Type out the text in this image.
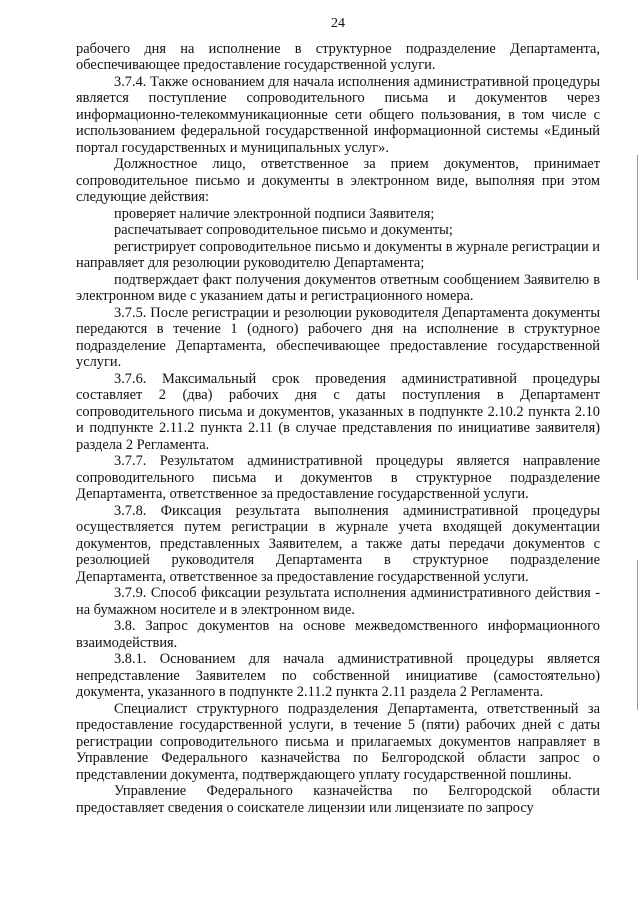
24

рабочего дня на исполнение в структурное подразделение Департамента, обеспечивающее предоставление государственной услуги.

3.7.4. Также основанием для начала исполнения административной процедуры является поступление сопроводительного письма и документов через информационно-телекоммуникационные сети общего пользования, в том числе с использованием федеральной государственной информационной системы «Единый портал государственных и муниципальных услуг».

Должностное лицо, ответственное за прием документов, принимает сопроводительное письмо и документы в электронном виде, выполняя при этом следующие действия:

проверяет наличие электронной подписи Заявителя;

распечатывает сопроводительное письмо и документы;

регистрирует сопроводительное письмо и документы в журнале регистрации и направляет для резолюции руководителю Департамента;

подтверждает факт получения документов ответным сообщением Заявителю в электронном виде с указанием даты и регистрационного номера.

3.7.5. После регистрации и резолюции руководителя Департамента документы передаются в течение 1 (одного) рабочего дня на исполнение в структурное подразделение Департамента, обеспечивающее предоставление государственной услуги.

3.7.6. Максимальный срок проведения административной процедуры составляет 2 (два) рабочих дня с даты поступления в Департамент сопроводительного письма и документов, указанных в подпункте 2.10.2 пункта 2.10 и подпункте 2.11.2 пункта 2.11 (в случае представления по инициативе заявителя) раздела 2 Регламента.

3.7.7. Результатом административной процедуры является направление сопроводительного письма и документов в структурное подразделение Департамента, ответственное за предоставление государственной услуги.

3.7.8. Фиксация результата выполнения административной процедуры осуществляется путем регистрации в журнале учета входящей документации документов, представленных Заявителем, а также даты передачи документов с резолюцией руководителя Департамента в структурное подразделение Департамента, ответственное за предоставление государственной услуги.

3.7.9. Способ фиксации результата исполнения административного действия - на бумажном носителе и в электронном виде.

3.8. Запрос документов на основе межведомственного информационного взаимодействия.

3.8.1. Основанием для начала административной процедуры является непредставление Заявителем по собственной инициативе (самостоятельно) документа, указанного в подпункте 2.11.2 пункта 2.11 раздела 2 Регламента.

Специалист структурного подразделения Департамента, ответственный за предоставление государственной услуги, в течение 5 (пяти) рабочих дней с даты регистрации сопроводительного письма и прилагаемых документов направляет в Управление Федерального казначейства по Белгородской области запрос о представлении документа, подтверждающего уплату государственной пошлины.

Управление Федерального казначейства по Белгородской области предоставляет сведения о соискателе лицензии или лицензиате по запросу
